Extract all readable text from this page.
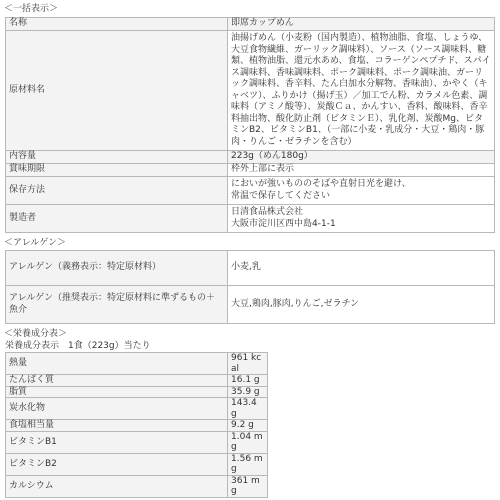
＜一括表示＞
名称	即席カップめん
原材料名	油揚げめん（小麦粉（国内製造）、植物油脂、食塩、しょうゆ、大豆食物繊維、ガーリック調味料）、ソース（ソース調味料、糖類、植物油脂、還元水あめ、食塩、コラーゲンペプチド、スパイス調味料、香味調味料、ポーク調味料、ポーク調味油、ガーリック調味料、香辛料、たん白加水分解物、香味油）、かやく（キャベツ）、ふりかけ（揚げ玉）／加工でん粉、カラメル色素、調味料（アミノ酸等）、炭酸Ｃａ、かんすい、香料、酸味料、香辛料抽出物、酸化防止剤（ビタミンＥ）、乳化剤、炭酸Mg、ビタミンB2、ビタミンB1、（一部に小麦・乳成分・大豆・鶏肉・豚肉・りんご・ゼラチンを含む）
内容量	223g（めん180g）
賞味期限	枠外上部に表示
保存方法	においが強いもののそばや直射日光を避け、
常温で保存してください
製造者	日清食品株式会社
大阪市淀川区西中島4-1-1
＜アレルゲン＞
アレルゲン（義務表示：特定原材料）	小麦,乳
アレルゲン（推奨表示：特定原材料に準ずるもの＋魚介	大豆,鶏肉,豚肉,りんご,ゼラチン
＜栄養成分表＞
栄養成分表示　1食（223g）当たり
熱量	961 kcal
たんぱく質	16.1 g
脂質	35.9 g
炭水化物	143.4 g
食塩相当量	9.2 g
ビタミンB1	1.04 mg
ビタミンB2	1.56 mg
カルシウム	361 mg
